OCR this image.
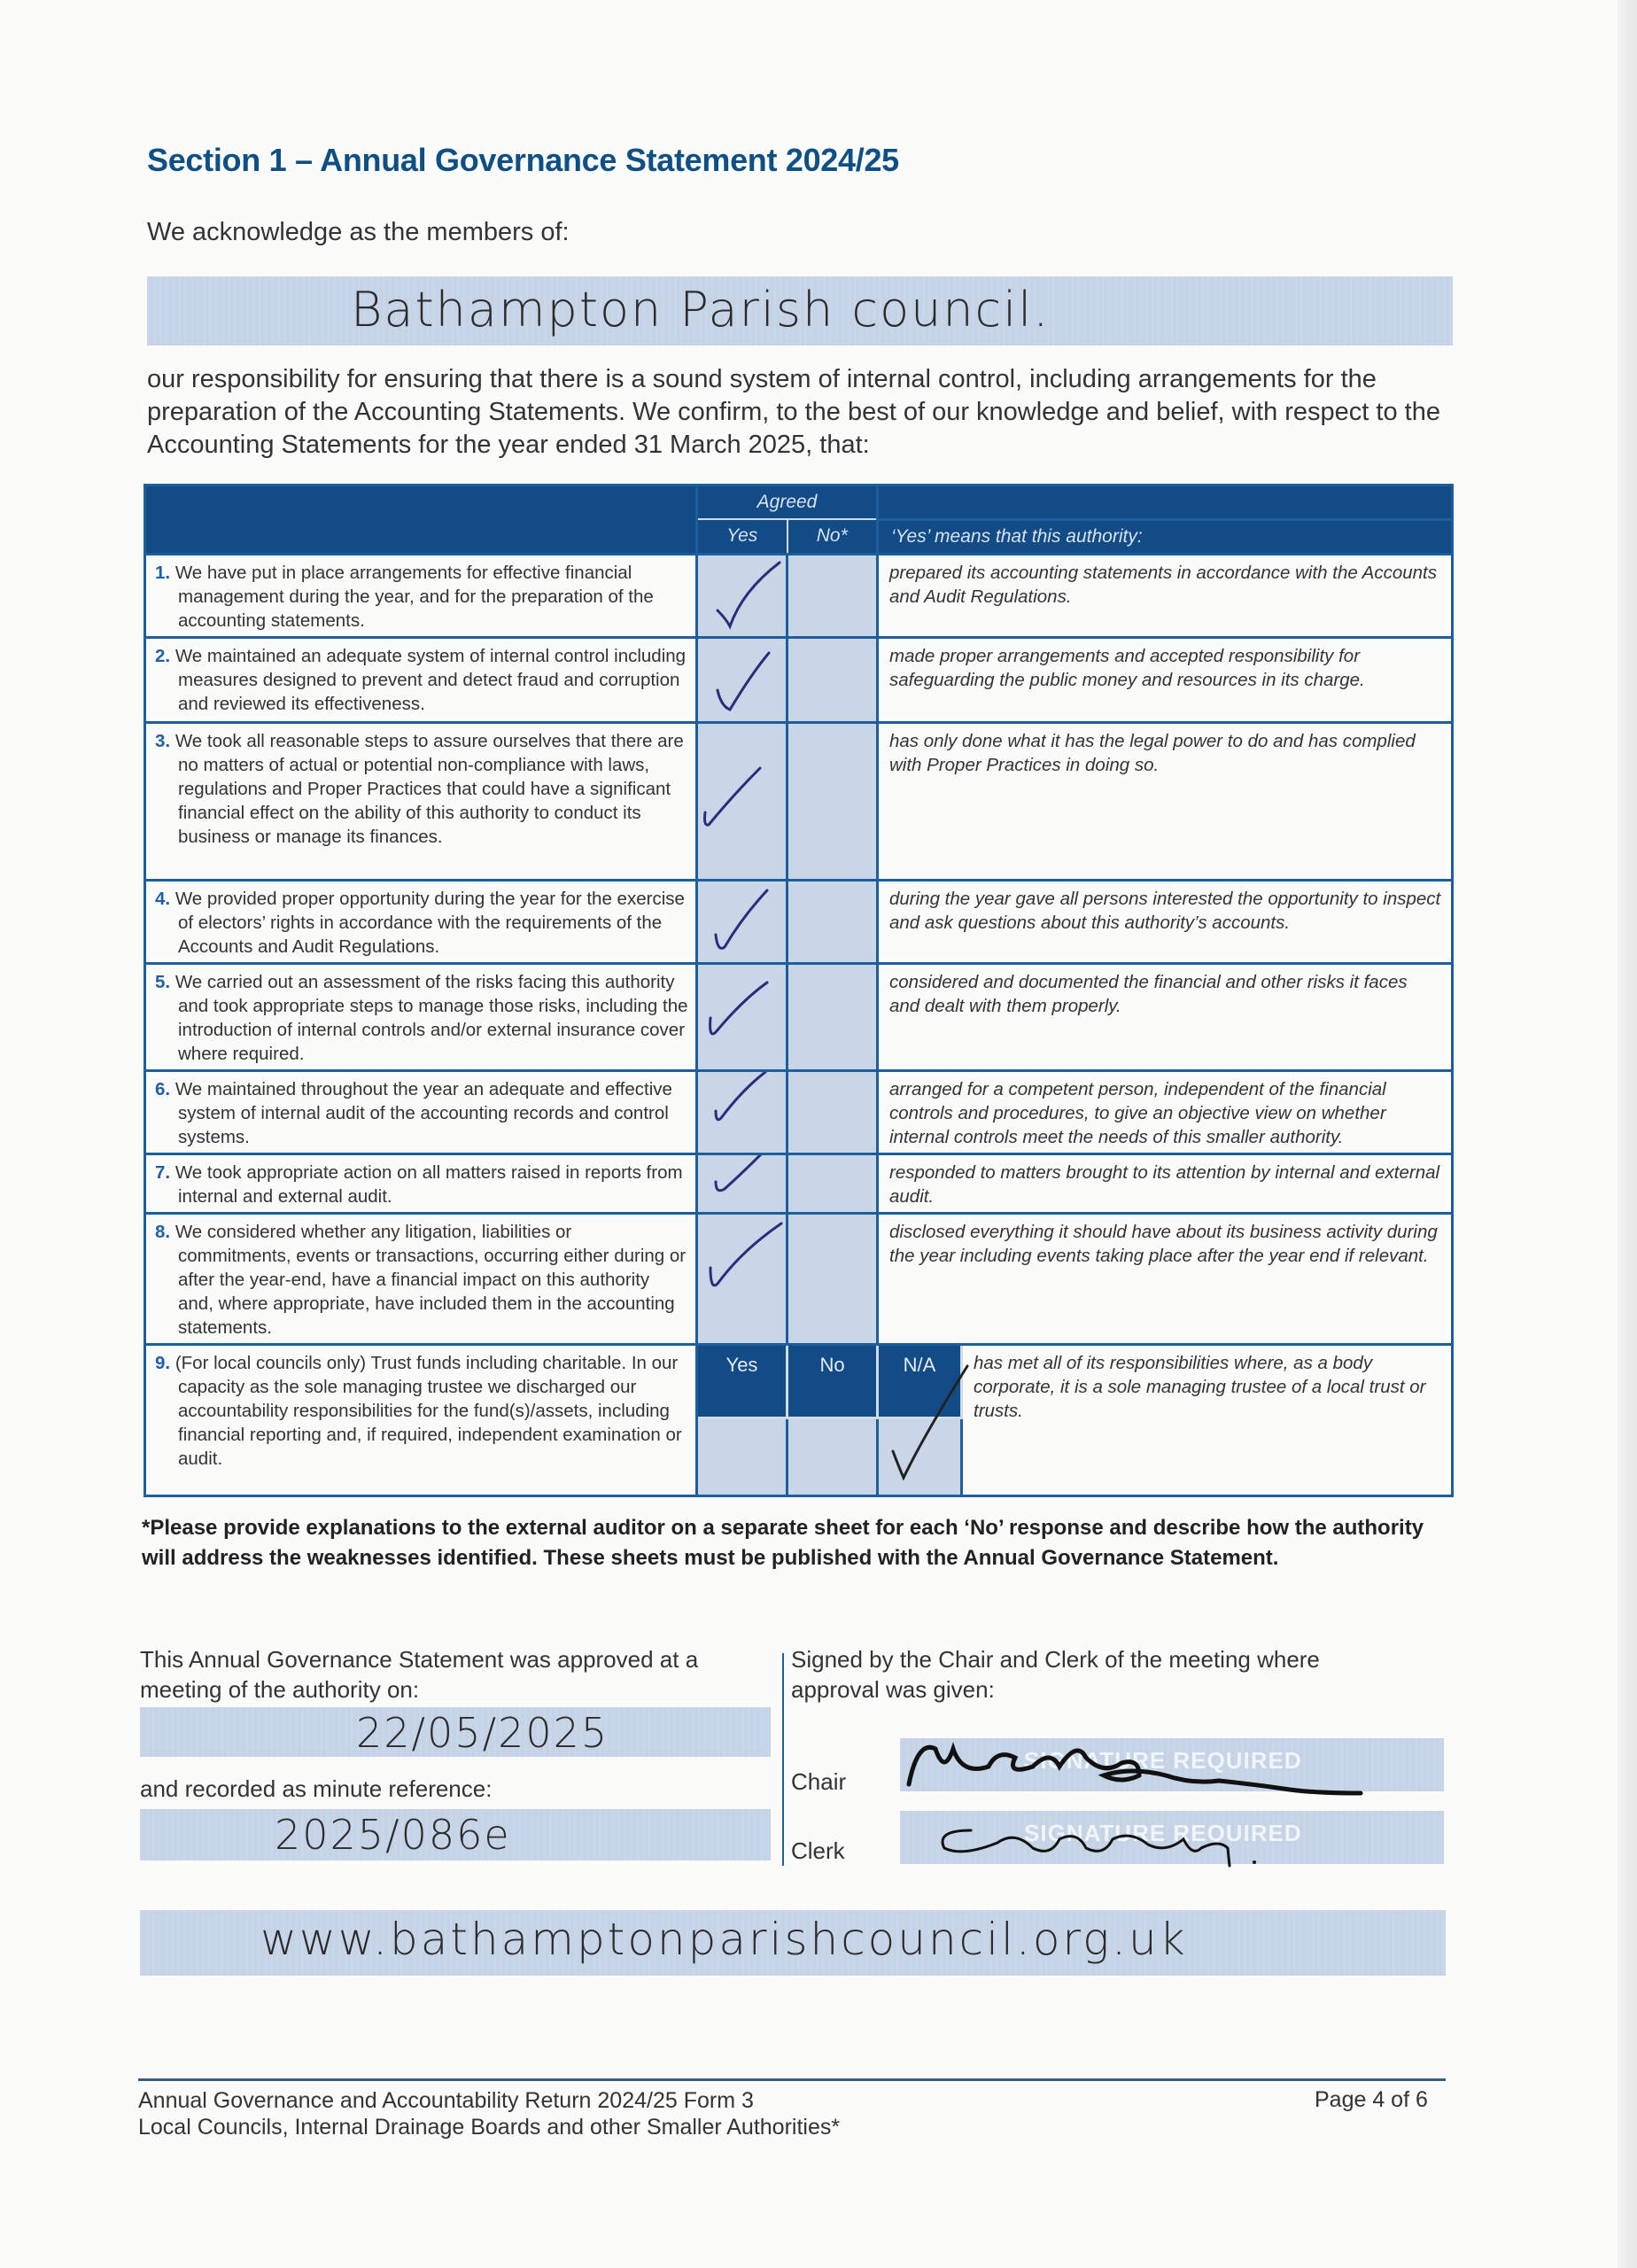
Section 1 – Annual Governance Statement 2024/25
We acknowledge as the members of:
Bathampton Parish council.
our responsibility for ensuring that there is a sound system of internal control, including arrangements for the preparation of the Accounting Statements. We confirm, to the best of our knowledge and belief, with respect to the Accounting Statements for the year ended 31 March 2025, that:
	Agreed			
	Yes	No*	‘Yes’ means that this authority:	
1. We have put in place arrangements for effective financial management during the year, and for the preparation of the accounting statements.			prepared its accounting statements in accordance with the Accounts and Audit Regulations.	
2. We maintained an adequate system of internal control including measures designed to prevent and detect fraud and corruption and reviewed its effectiveness.			made proper arrangements and accepted responsibility for safeguarding the public money and resources in its charge.	
3. We took all reasonable steps to assure ourselves that there are no matters of actual or potential non-compliance with laws, regulations and Proper Practices that could have a significant financial effect on the ability of this authority to conduct its business or manage its finances.			has only done what it has the legal power to do and has complied with Proper Practices in doing so.	
4. We provided proper opportunity during the year for the exercise of electors’ rights in accordance with the requirements of the Accounts and Audit Regulations.			during the year gave all persons interested the opportunity to inspect and ask questions about this authority’s accounts.	
5. We carried out an assessment of the risks facing this authority and took appropriate steps to manage those risks, including the introduction of internal controls and/or external insurance cover where required.			considered and documented the financial and other risks it faces and dealt with them properly.	
6. We maintained throughout the year an adequate and effective system of internal audit of the accounting records and control systems.			arranged for a competent person, independent of the financial controls and procedures, to give an objective view on whether internal controls meet the needs of this smaller authority.	
7. We took appropriate action on all matters raised in reports from internal and external audit.			responded to matters brought to its attention by internal and external audit.	
8. We considered whether any litigation, liabilities or commitments, events or transactions, occurring either during or after the year-end, have a financial impact on this authority and, where appropriate, have included them in the accounting statements.			disclosed everything it should have about its business activity during the year including events taking place after the year end if relevant.	
9. (For local councils only) Trust funds including charitable. In our capacity as the sole managing trustee we discharged our accountability responsibilities for the fund(s)/assets, including financial reporting and, if required, independent examination or audit.	Yes	No	N/A	has met all of its responsibilities where, as a body corporate, it is a sole managing trustee of a local trust or trusts.

*Please provide explanations to the external auditor on a separate sheet for each ‘No’ response and describe how the authority will address the weaknesses identified. These sheets must be published with the Annual Governance Statement.
This Annual Governance Statement was approved at a meeting of the authority on:
22/05/2025
and recorded as minute reference:
2025/086e
Signed by the Chair and Clerk of the meeting where approval was given:
Chair
SIGNATURE REQUIRED
Clerk
SIGNATURE REQUIRED
www.bathamptonparishcouncil.org.uk
Annual Governance and Accountability Return 2024/25 Form 3
Local Councils, Internal Drainage Boards and other Smaller Authorities*
Page 4 of 6
